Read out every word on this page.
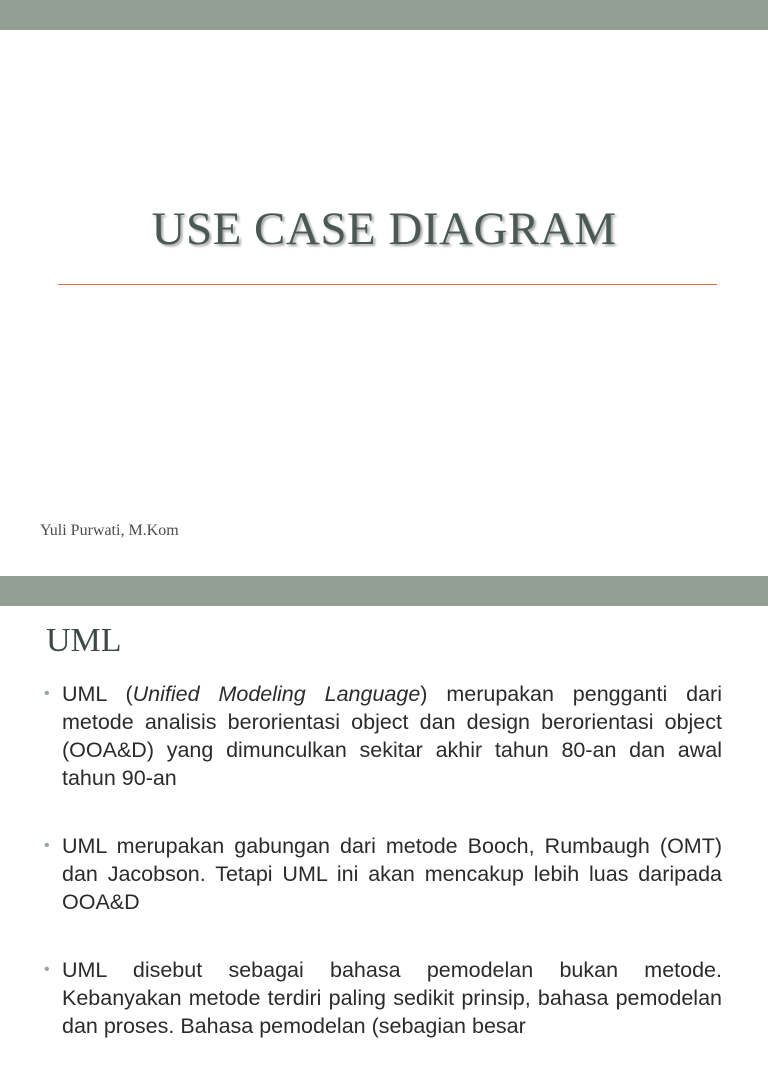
USE CASE DIAGRAM
Yuli Purwati, M.Kom
UML
• UML (Unified Modeling Language) merupakan pengganti dari metode analisis berorientasi object dan design berorientasi object (OOA&D) yang dimunculkan sekitar akhir tahun 80-an dan awal tahun 90-an
• UML merupakan gabungan dari metode Booch, Rumbaugh (OMT) dan Jacobson. Tetapi UML ini akan mencakup lebih luas daripada OOA&D
• UML disebut sebagai bahasa pemodelan bukan metode. Kebanyakan metode terdiri paling sedikit prinsip, bahasa pemodelan dan proses. Bahasa pemodelan (sebagian besar
